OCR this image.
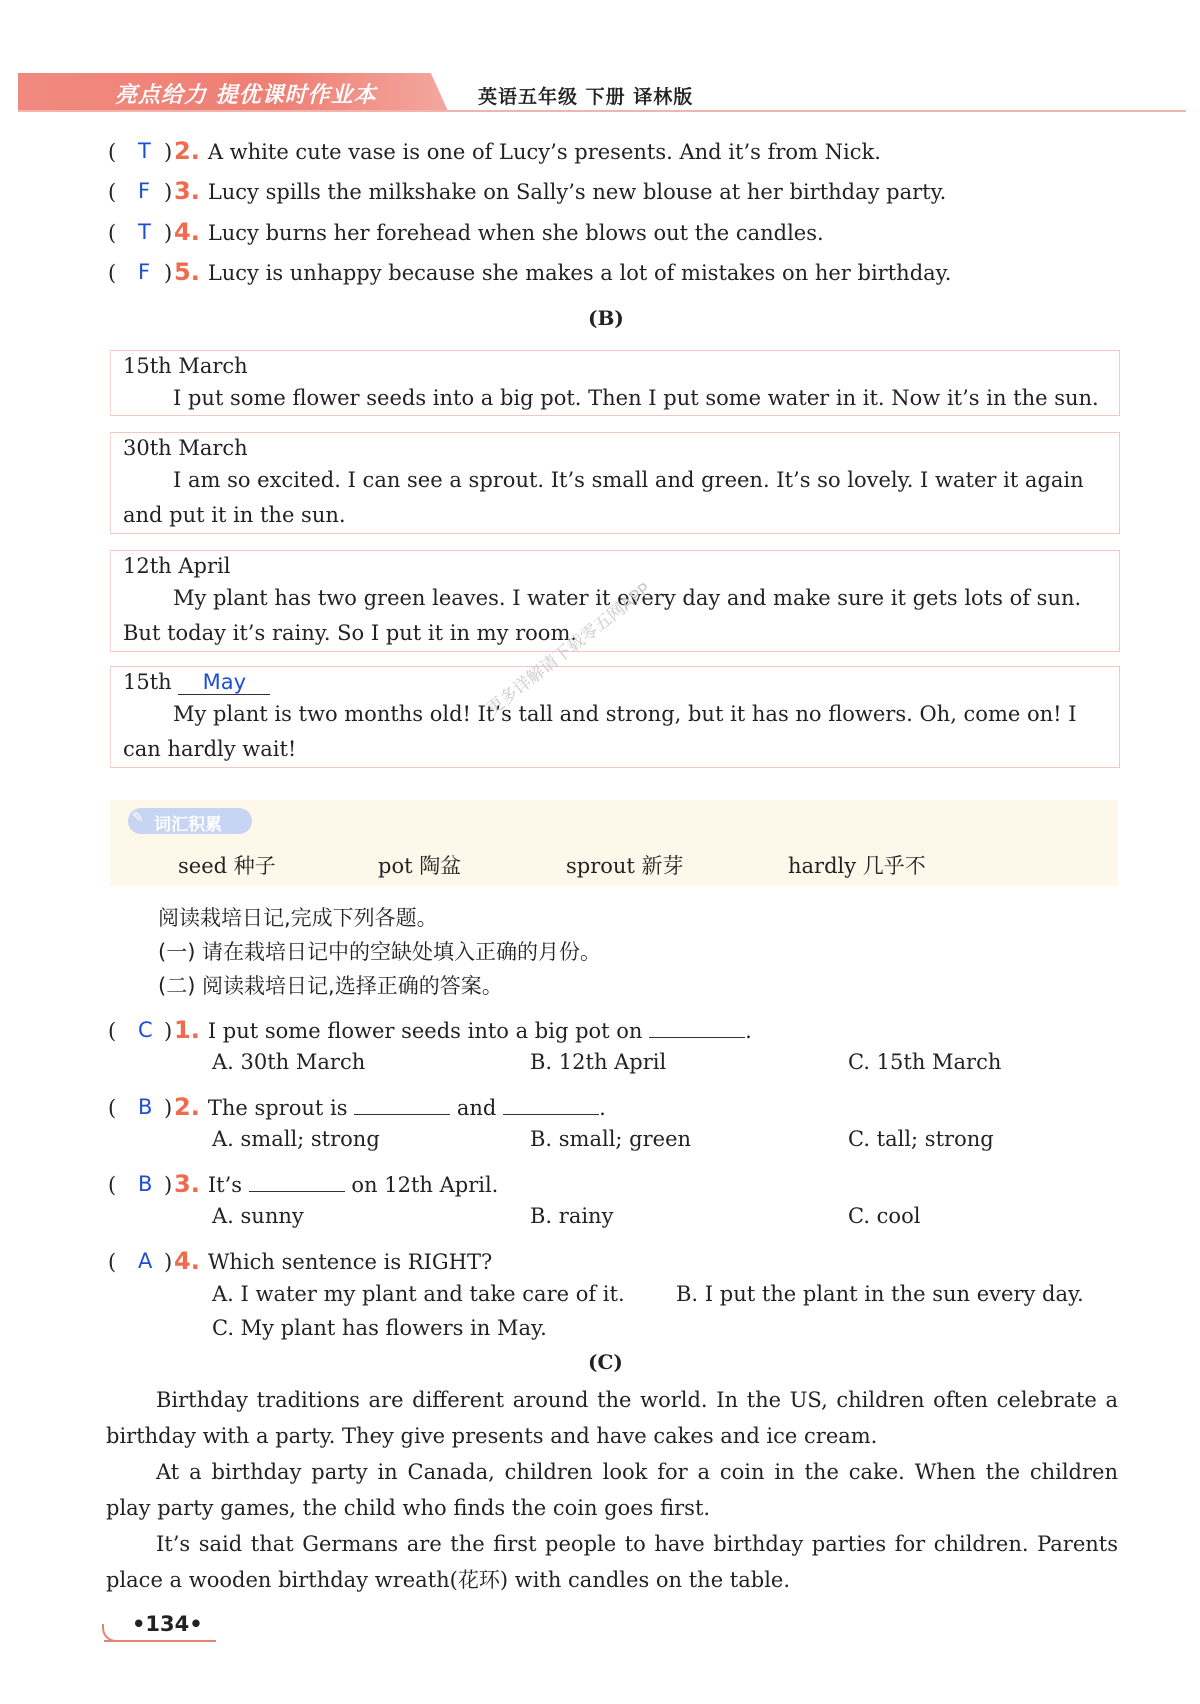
亮点给力 提优课时作业本	英语五年级 下册 译林版
( T ) 2. A white cute vase is one of Lucy’s presents. And it’s from Nick.
( F ) 3. Lucy spills the milkshake on Sally’s new blouse at her birthday party.
( T ) 4. Lucy burns her forehead when she blows out the candles.
( F ) 5. Lucy is unhappy because she makes a lot of mistakes on her birthday.
(B)
15th March
I put some flower seeds into a big pot. Then I put some water in it. Now it’s in the sun.
30th March
I am so excited. I can see a sprout. It’s small and green. It’s so lovely. I water it again and put it in the sun.
12th April
My plant has two green leaves. I water it every day and make sure it gets lots of sun. But today it’s rainy. So I put it in my room.
15th May
My plant is two months old! It’s tall and strong, but it has no flowers. Oh, come on! I can hardly wait!
更多详解请下载零五网APP
✎ 词汇积累
seed 种子	pot 陶盆	sprout 新芽	hardly 几乎不
阅读栽培日记,完成下列各题。
(一) 请在栽培日记中的空缺处填入正确的月份。
(二) 阅读栽培日记,选择正确的答案。
( C ) 1. I put some flower seeds into a big pot on	.
A. 30th March	B. 12th April	C. 15th March
( B ) 2. The sprout is	and	.
A. small; strong	B. small; green	C. tall; strong
( B ) 3. It’s	on 12th April.
A. sunny	B. rainy	C. cool
( A ) 4. Which sentence is RIGHT?
A. I water my plant and take care of it. B. I put the plant in the sun every day.
C. My plant has flowers in May.
(C)
Birthday traditions are different around the world. In the US, children often celebrate a birthday with a party. They give presents and have cakes and ice cream.
At a birthday party in Canada, children look for a coin in the cake. When the children play party games, the child who finds the coin goes first.
It’s said that Germans are the first people to have birthday parties for children. Parents place a wooden birthday wreath(花环) with candles on the table.
•134•
